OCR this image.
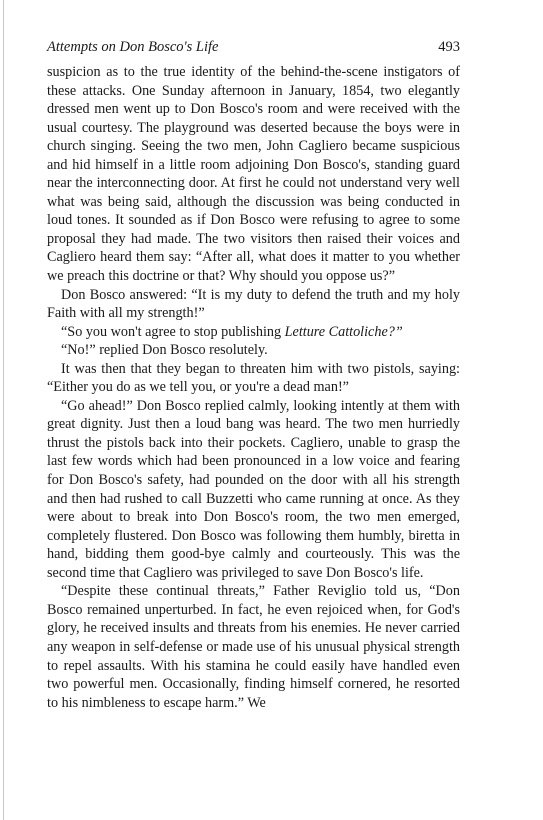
Attempts on Don Bosco's Life	493

suspicion as to the true identity of the behind-the-scene instigators of these attacks. One Sunday afternoon in January, 1854, two elegantly dressed men went up to Don Bosco's room and were received with the usual courtesy. The playground was deserted because the boys were in church singing. Seeing the two men, John Cagliero became suspicious and hid himself in a little room adjoining Don Bosco's, standing guard near the interconnecting door. At first he could not understand very well what was being said, although the discussion was being conducted in loud tones. It sounded as if Don Bosco were refusing to agree to some proposal they had made. The two visitors then raised their voices and Cagliero heard them say: “After all, what does it matter to you whether we preach this doctrine or that? Why should you oppose us?”

Don Bosco answered: “It is my duty to defend the truth and my holy Faith with all my strength!”

“So you won't agree to stop publishing Letture Cattoliche?”

“No!” replied Don Bosco resolutely.

It was then that they began to threaten him with two pistols, saying: “Either you do as we tell you, or you're a dead man!”

“Go ahead!” Don Bosco replied calmly, looking intently at them with great dignity. Just then a loud bang was heard. The two men hurriedly thrust the pistols back into their pockets. Cagliero, unable to grasp the last few words which had been pronounced in a low voice and fearing for Don Bosco's safety, had pounded on the door with all his strength and then had rushed to call Buzzetti who came running at once. As they were about to break into Don Bosco's room, the two men emerged, completely flustered. Don Bosco was following them humbly, biretta in hand, bidding them good-bye calmly and courteously. This was the second time that Cagliero was privileged to save Don Bosco's life.

“Despite these continual threats,” Father Reviglio told us, “Don Bosco remained unperturbed. In fact, he even rejoiced when, for God's glory, he received insults and threats from his enemies. He never carried any weapon in self-defense or made use of his unusual physical strength to repel assaults. With his stamina he could easily have handled even two powerful men. Occasionally, finding himself cornered, he resorted to his nimbleness to escape harm.” We
